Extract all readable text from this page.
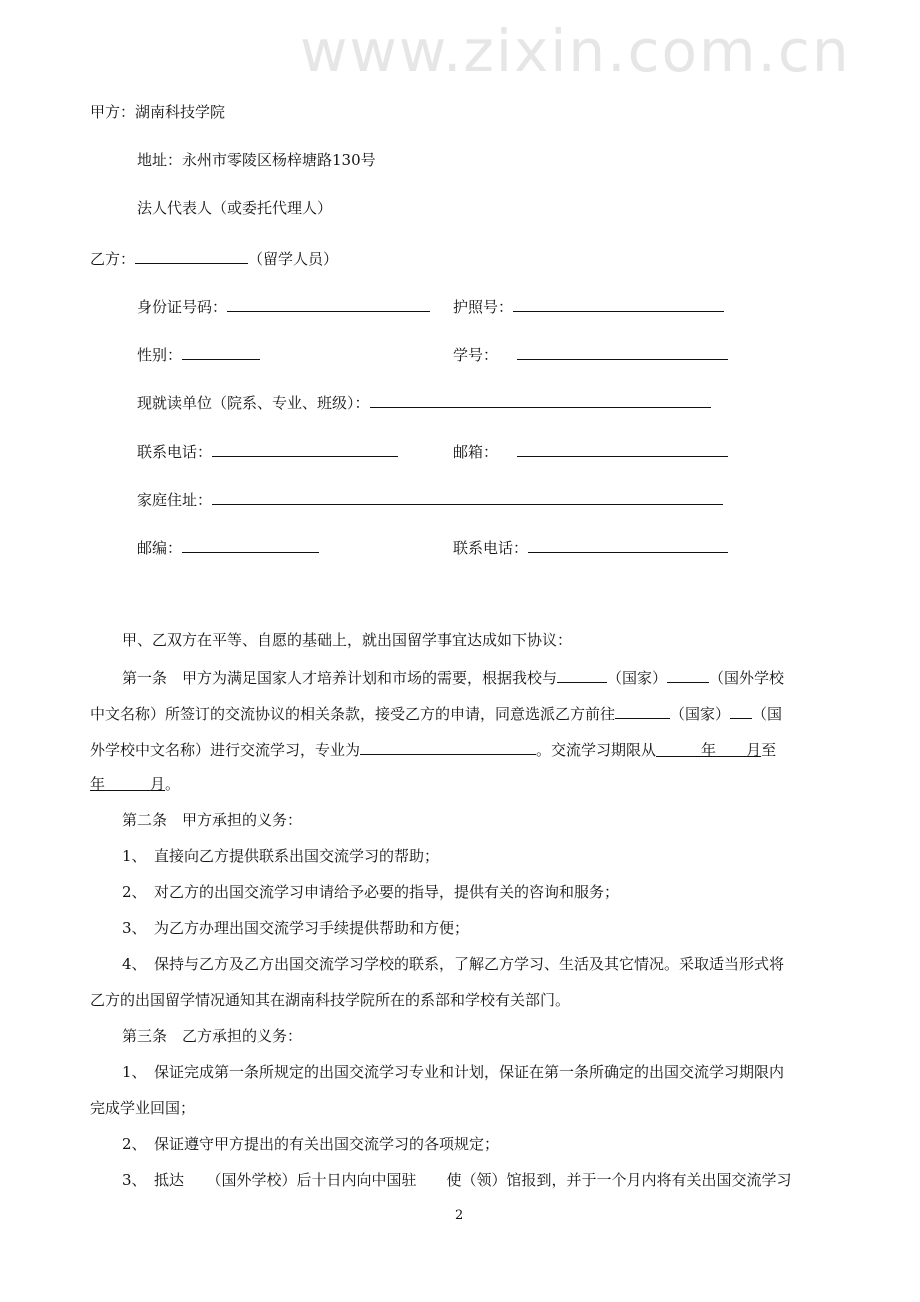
www.zixin.com.cn
甲方：湖南科技学院
地址：永州市零陵区杨梓塘路130号
法人代表人（或委托代理人）
乙方：	（留学人员）
身份证号码：	护照号：
性别：	学号：
现就读单位（院系、专业、班级）：
联系电话：	邮箱：
家庭住址：
邮编：	联系电话：
甲、乙双方在平等、自愿的基础上，就出国留学事宜达成如下协议：
第一条　甲方为满足国家人才培养计划和市场的需要，根据我校与	（国家）	（国外学校
中文名称）所签订的交流协议的相关条款，接受乙方的申请，同意选派乙方前往	（国家） （国
外学校中文名称）进行交流学习，专业为	。交流学习期限从　　　	年　　 月至
年　　　	月。
第二条　甲方承担的义务：
1、　直接向乙方提供联系出国交流学习的帮助；
2、　对乙方的出国交流学习申请给予必要的指导，提供有关的咨询和服务；
3、　为乙方办理出国交流学习手续提供帮助和方便；
4、　保持与乙方及乙方出国交流学习学校的联系，了解乙方学习、生活及其它情况。采取适当形式将
乙方的出国留学情况通知其在湖南科技学院所在的系部和学校有关部门。
第三条　乙方承担的义务：
1、　保证完成第一条所规定的出国交流学习专业和计划，保证在第一条所确定的出国交流学习期限内
完成学业回国；
2、　保证遵守甲方提出的有关出国交流学习的各项规定；
3、　抵达　　（国外学校）后十日内向中国驻　　使（领）馆报到，并于一个月内将有关出国交流学习
2
